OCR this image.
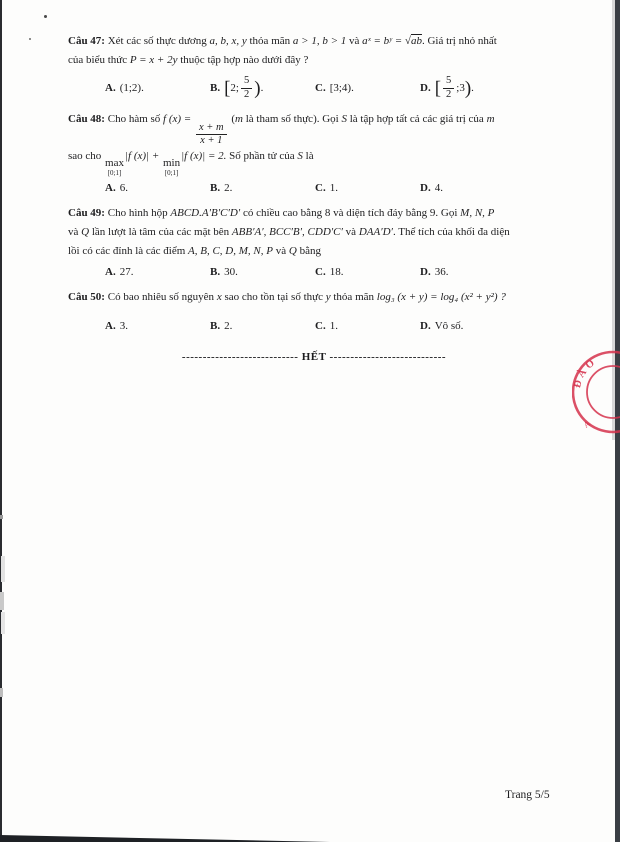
Câu 47: Xét các số thực dương a, b, x, y thỏa mãn a > 1, b > 1 và aˣ = bʸ = √ab. Giá trị nhỏ nhất
của biểu thức P = x + 2y thuộc tập hợp nào dưới đây ?
A. (1;2).	B. [ 2; $\frac{5}{2}$ ) .	C. [3;4).	D. [ $\frac{5}{2}$ ;3 ) .
Câu 48: Cho hàm số f (x) =
$\frac{x + m}{x + 1}$
(m là tham số thực). Gọi S là tập hợp tất cả các giá trị của m
sao cho
max
[0;1]
|f (x)| +
min
[0;1]
|f (x)| = 2. Số phần tử của S là
A. 6.	B. 2.	C. 1.	D. 4.
Câu 49: Cho hình hộp ABCD.A′B′C′D′ có chiều cao bằng 8 và diện tích đáy bằng 9. Gọi M, N, P
và Q lần lượt là tâm của các mặt bên ABB′A′, BCC′B′, CDD′C′ và DAA′D′. Thể tích của khối đa diện
lồi có các đỉnh là các điểm A, B, C, D, M, N, P và Q bằng
A. 27.	B. 30.	C. 18.	D. 36.
Câu 50: Có bao nhiêu số nguyên x sao cho tồn tại số thực y thỏa mãn log₃ (x + y) = log₄ (x² + y²) ?
A. 3.	B. 2.	C. 1.	D. Vô số.
---------------------------- HẾT ----------------------------
ĐÀO
A
Trang 5/5
